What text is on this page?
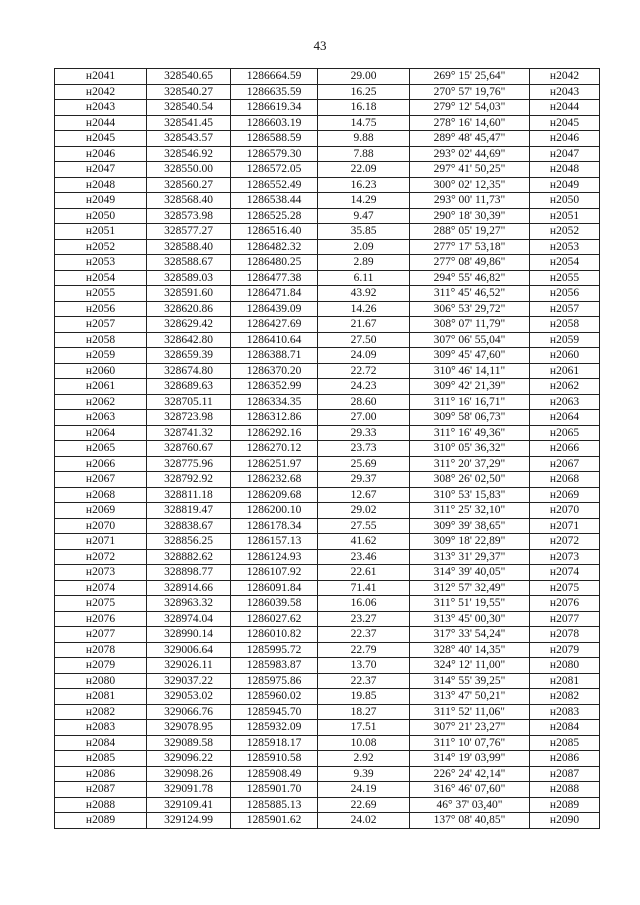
43
н2041	328540.65	1286664.59	29.00	269° 15' 25,64"	н2042
н2042	328540.27	1286635.59	16.25	270° 57' 19,76"	н2043
н2043	328540.54	1286619.34	16.18	279° 12' 54,03"	н2044
н2044	328541.45	1286603.19	14.75	278° 16' 14,60"	н2045
н2045	328543.57	1286588.59	9.88	289° 48' 45,47"	н2046
н2046	328546.92	1286579.30	7.88	293° 02' 44,69"	н2047
н2047	328550.00	1286572.05	22.09	297° 41' 50,25"	н2048
н2048	328560.27	1286552.49	16.23	300° 02' 12,35"	н2049
н2049	328568.40	1286538.44	14.29	293° 00' 11,73"	н2050
н2050	328573.98	1286525.28	9.47	290° 18' 30,39"	н2051
н2051	328577.27	1286516.40	35.85	288° 05' 19,27"	н2052
н2052	328588.40	1286482.32	2.09	277° 17' 53,18"	н2053
н2053	328588.67	1286480.25	2.89	277° 08' 49,86"	н2054
н2054	328589.03	1286477.38	6.11	294° 55' 46,82"	н2055
н2055	328591.60	1286471.84	43.92	311° 45' 46,52"	н2056
н2056	328620.86	1286439.09	14.26	306° 53' 29,72"	н2057
н2057	328629.42	1286427.69	21.67	308° 07' 11,79"	н2058
н2058	328642.80	1286410.64	27.50	307° 06' 55,04"	н2059
н2059	328659.39	1286388.71	24.09	309° 45' 47,60"	н2060
н2060	328674.80	1286370.20	22.72	310° 46' 14,11"	н2061
н2061	328689.63	1286352.99	24.23	309° 42' 21,39"	н2062
н2062	328705.11	1286334.35	28.60	311° 16' 16,71"	н2063
н2063	328723.98	1286312.86	27.00	309° 58' 06,73"	н2064
н2064	328741.32	1286292.16	29.33	311° 16' 49,36"	н2065
н2065	328760.67	1286270.12	23.73	310° 05' 36,32"	н2066
н2066	328775.96	1286251.97	25.69	311° 20' 37,29"	н2067
н2067	328792.92	1286232.68	29.37	308° 26' 02,50"	н2068
н2068	328811.18	1286209.68	12.67	310° 53' 15,83"	н2069
н2069	328819.47	1286200.10	29.02	311° 25' 32,10"	н2070
н2070	328838.67	1286178.34	27.55	309° 39' 38,65"	н2071
н2071	328856.25	1286157.13	41.62	309° 18' 22,89"	н2072
н2072	328882.62	1286124.93	23.46	313° 31' 29,37"	н2073
н2073	328898.77	1286107.92	22.61	314° 39' 40,05"	н2074
н2074	328914.66	1286091.84	71.41	312° 57' 32,49"	н2075
н2075	328963.32	1286039.58	16.06	311° 51' 19,55"	н2076
н2076	328974.04	1286027.62	23.27	313° 45' 00,30"	н2077
н2077	328990.14	1286010.82	22.37	317° 33' 54,24"	н2078
н2078	329006.64	1285995.72	22.79	328° 40' 14,35"	н2079
н2079	329026.11	1285983.87	13.70	324° 12' 11,00"	н2080
н2080	329037.22	1285975.86	22.37	314° 55' 39,25"	н2081
н2081	329053.02	1285960.02	19.85	313° 47' 50,21"	н2082
н2082	329066.76	1285945.70	18.27	311° 52' 11,06"	н2083
н2083	329078.95	1285932.09	17.51	307° 21' 23,27"	н2084
н2084	329089.58	1285918.17	10.08	311° 10' 07,76"	н2085
н2085	329096.22	1285910.58	2.92	314° 19' 03,99"	н2086
н2086	329098.26	1285908.49	9.39	226° 24' 42,14"	н2087
н2087	329091.78	1285901.70	24.19	316° 46' 07,60"	н2088
н2088	329109.41	1285885.13	22.69	46° 37' 03,40"	н2089
н2089	329124.99	1285901.62	24.02	137° 08' 40,85"	н2090
